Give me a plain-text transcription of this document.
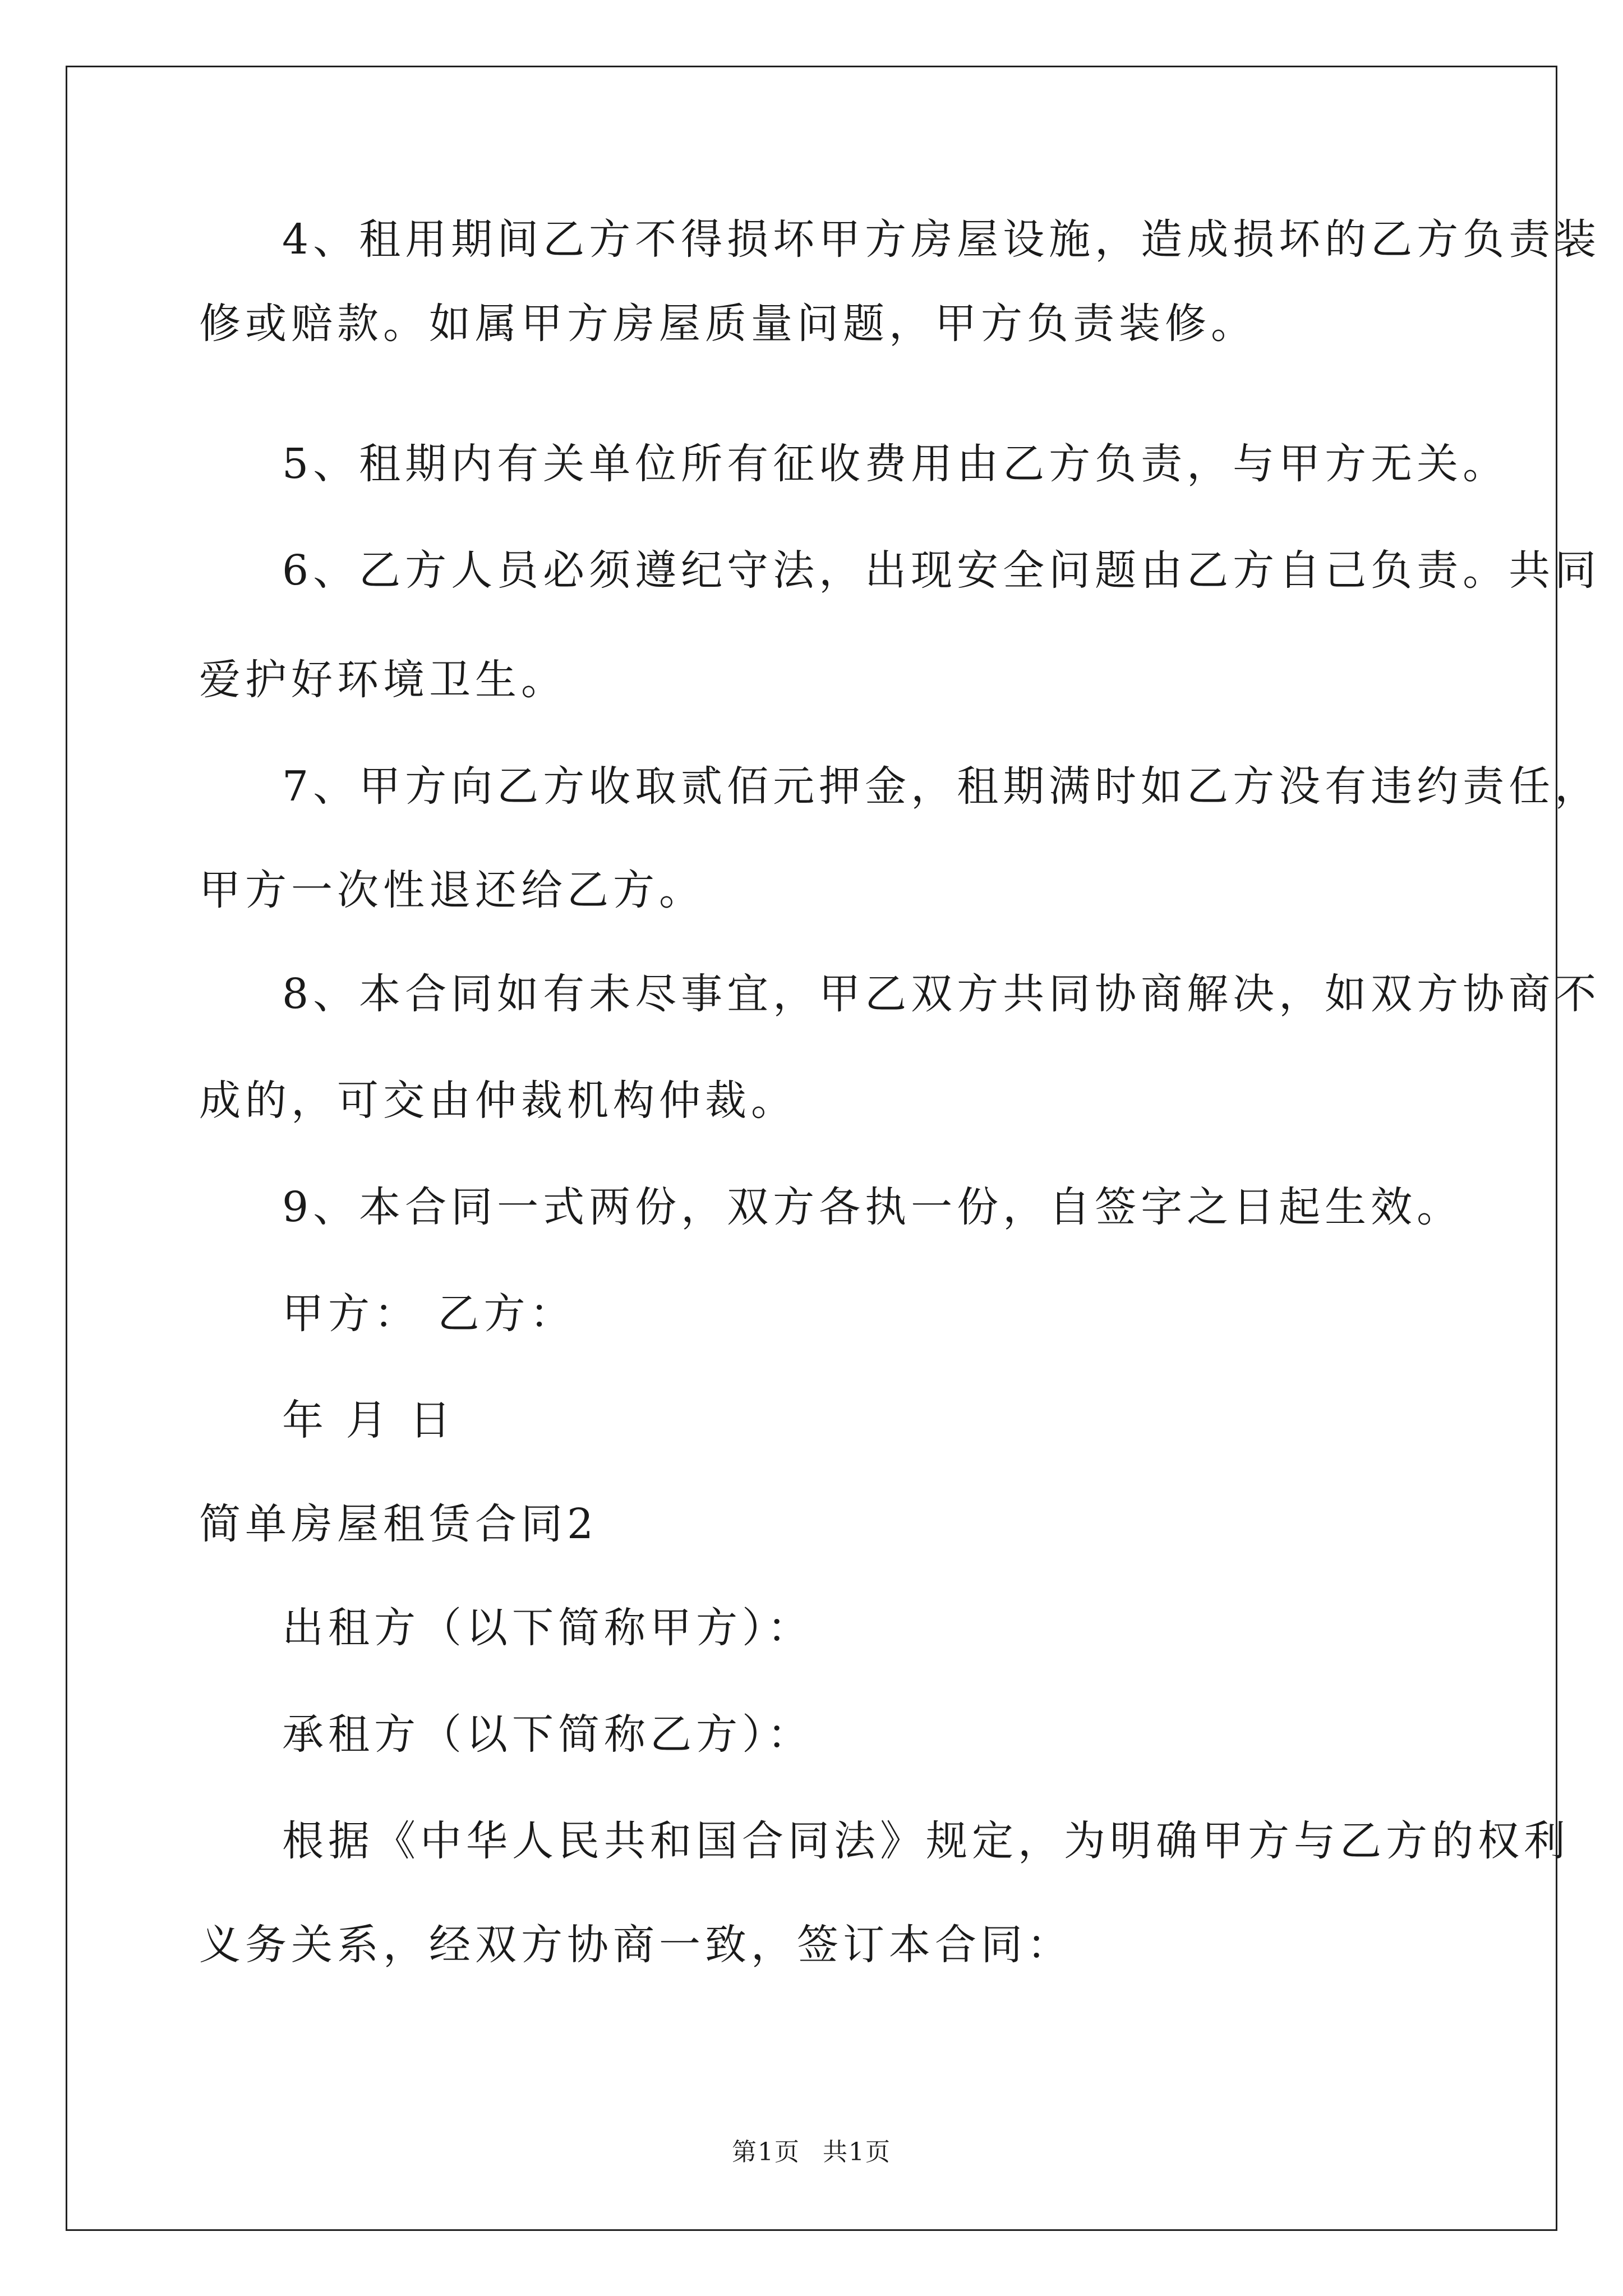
4、租用期间乙方不得损坏甲方房屋设施，造成损坏的乙方负责装
修或赔款。如属甲方房屋质量问题，甲方负责装修。
5、租期内有关单位所有征收费用由乙方负责，与甲方无关。
6、乙方人员必须遵纪守法，出现安全问题由乙方自己负责。共同
爱护好环境卫生。
7、甲方向乙方收取贰佰元押金，租期满时如乙方没有违约责任，
甲方一次性退还给乙方。
8、本合同如有未尽事宜，甲乙双方共同协商解决，如双方协商不
成的，可交由仲裁机构仲裁。
9、本合同一式两份，双方各执一份，自签字之日起生效。
甲方： 乙方：
年 月 日
简单房屋租赁合同2
出租方（以下简称甲方）：
承租方（以下简称乙方）：
根据《中华人民共和国合同法》规定，为明确甲方与乙方的权利
义务关系，经双方协商一致，签订本合同：
第1页 共1页
